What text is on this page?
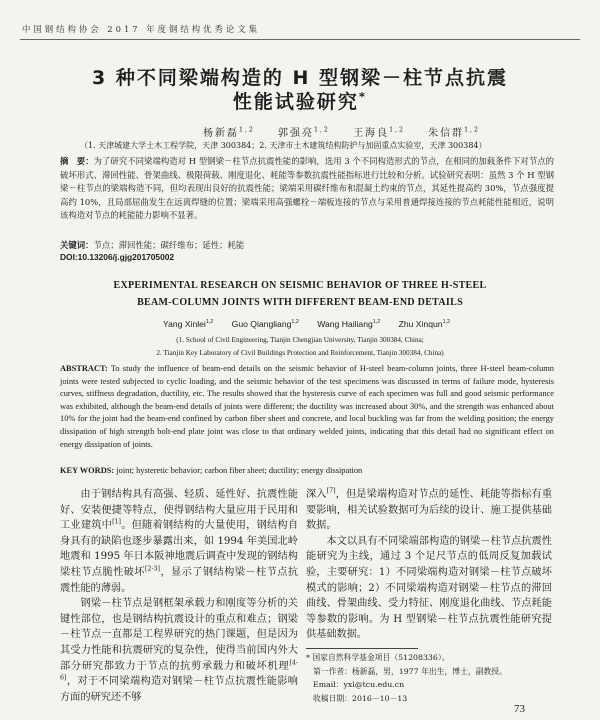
中国钢结构协会 2017 年度钢结构优秀论文集
3 种不同梁端构造的 H 型钢梁－柱节点抗震
性能试验研究*
杨新磊$^{1,2}$ 郭强亮$^{1,2}$ 王海良$^{1,2}$ 朱信群$^{1,2}$
（1. 天津城建大学土木工程学院，天津 300384；2. 天津市土木建筑结构防护与加固重点实验室，天津 300384）
摘　要：为了研究不同梁端构造对 H 型钢梁－柱节点抗震性能的影响，选用 3 个不同构造形式的节点，在相同的加载条件下对节点的破坏形式、滞回性能、骨架曲线、极限荷载、刚度退化、耗能等参数抗震性能指标进行比较和分析。试验研究表明：虽然 3 个 H 型钢梁－柱节点的梁端构造不同，但均表现出良好的抗震性能；梁端采用碳纤维布和混凝土约束的节点，其延性提高约 30%，节点强度提高约 10%，且局部屈曲发生在远离焊缝的位置；梁端采用高强螺栓－端板连接的节点与采用普通焊接连接的节点耗能性能相近，说明该构造对节点的耗能能力影响不显著。
关键词：节点；滞回性能；碳纤维布；延性；耗能
DOI:10.13206/j.gjg201705002
EXPERIMENTAL RESEARCH ON SEISMIC BEHAVIOR OF THREE H-STEEL
BEAM-COLUMN JOINTS WITH DIFFERENT BEAM-END DETAILS
Yang Xinlei$^{1,2}$ Guo Qiangliang$^{1,2}$ Wang Hailiang$^{1,2}$ Zhu Xinqun$^{1,2}$
(1. School of Civil Engineering, Tianjin Chengjian University, Tianjin 300384, China;
2. Tianjin Key Laboratory of Civil Buildings Protection and Reinforcement, Tianjin 300384, China)
ABSTRACT: To study the influence of beam-end details on the seismic behavior of H-steel beam-column joints, three H-steel beam-column joints were tested subjected to cyclic loading, and the seismic behavior of the test specimens was discussed in terms of failure mode, hysteresis curves, stiffness degradation, ductility, etc. The results showed that the hysteresis curve of each specimen was full and good seismic performance was exhibited, although the beam-end details of joints were different; the ductility was increased about 30%, and the strength was enhanced about 10% for the joint had the beam-end confined by carbon fiber sheet and concrete, and local buckling was far from the welding position; the energy dissipation of high strength bolt-end plate joint was close to that ordinary welded joints, indicating that this detail had no significant effect on energy dissipation of joints.
KEY WORDS: joint; hysteretic behavior; carbon fiber sheet; ductility; energy dissipation

由于钢结构具有高强、轻质、延性好、抗震性能好、安装便捷等特点，使得钢结构大量应用于民用和工业建筑中[1]。但随着钢结构的大量使用，钢结构自身具有的缺陷也逐步暴露出来，如 1994 年美国北岭地震和 1995 年日本阪神地震后调查中发现的钢结构梁柱节点脆性破坏[2-3]，显示了钢结构梁－柱节点抗震性能的薄弱。

钢梁－柱节点是钢框架承载力和刚度等分析的关键性部位，也是钢结构抗震设计的重点和难点；钢梁－柱节点一直都是工程界研究的热门课题，但是因为其受力性能和抗震研究的复杂性，使得当前国内外大部分研究都致力于节点的抗剪承载力和破坏机理[4-6]，对于不同梁端构造对钢梁－柱节点抗震性能影响方面的研究还不够

深入[7]，但是梁端构造对节点的延性、耗能等指标有重要影响，相关试验数据可为后续的设计、施工提供基础数据。

本文以具有不同梁端部构造的钢梁－柱节点抗震性能研究为主线，通过 3 个足尺节点的低周反复加载试验，主要研究：1）不同梁端构造对钢梁－柱节点破坏模式的影响；2）不同梁端构造对钢梁－柱节点的滞回曲线、骨架曲线、受力特征、刚度退化曲线、节点耗能等参数的影响。为 H 型钢梁－柱节点抗震性能研究提供基础数据。

* 国家自然科学基金项目（51208336）。
第一作者：杨新磊，男，1977 年出生，博士，副教授。
Email：yxl@tcu.edu.cn
收稿日期：2016－10－13
73
